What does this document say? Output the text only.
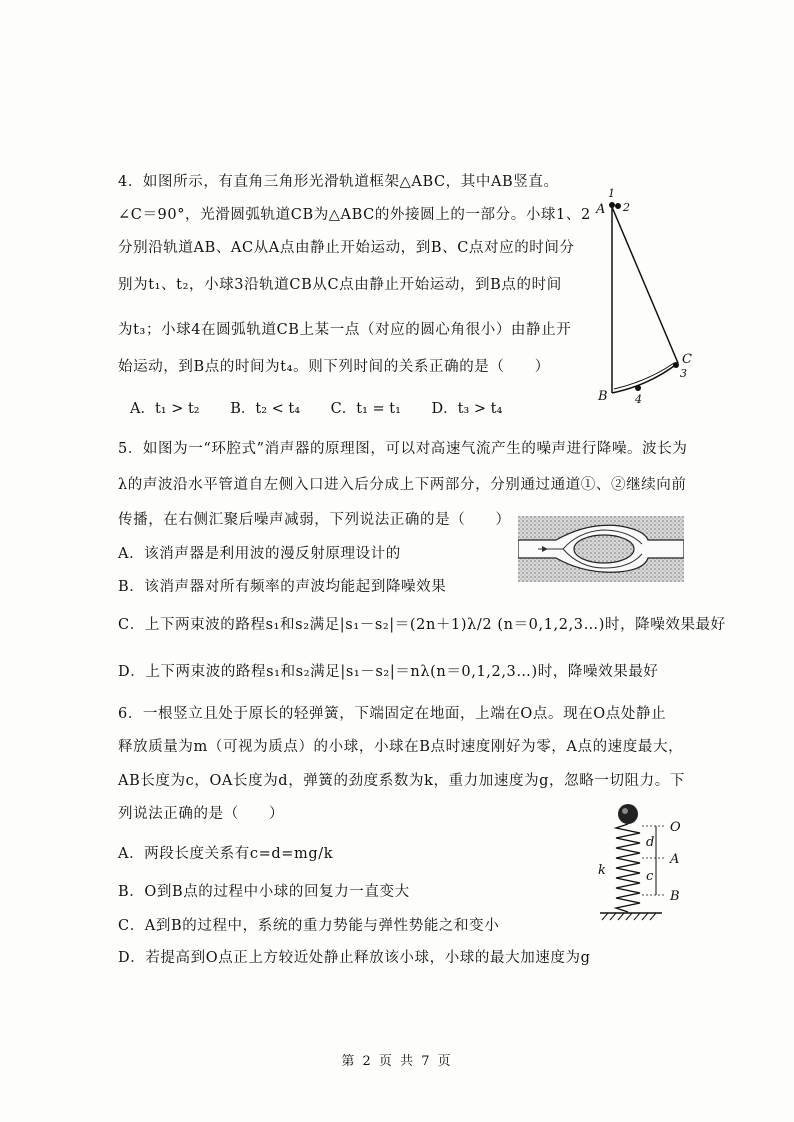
4．如图所示，有直角三角形光滑轨道框架△ABC，其中AB竖直。
∠C＝90°，光滑圆弧轨道CB为△ABC的外接圆上的一部分。小球1、2
分别沿轨道AB、AC从A点由静止开始运动，到B、C点对应的时间分
别为t₁、t₂，小球3沿轨道CB从C点由静止开始运动，到B点的时间
为t₃；小球4在圆弧轨道CB上某一点（对应的圆心角很小）由静止开
始运动，到B点的时间为t₄。则下列时间的关系正确的是（　　）
A．t₁ > t₂ B．t₂ < t₄ C．t₁ = t₁ D．t₃ > t₄
A
B
C
1
2
3
4
5．如图为一“环腔式”消声器的原理图，可以对高速气流产生的噪声进行降噪。波长为
λ的声波沿水平管道自左侧入口进入后分成上下两部分，分别通过通道①、②继续向前
传播，在右侧汇聚后噪声减弱，下列说法正确的是（　　）
A．该消声器是利用波的漫反射原理设计的
B．该消声器对所有频率的声波均能起到降噪效果
C．上下两束波的路程s₁和s₂满足|s₁－s₂|＝(2n＋1)λ/2 (n＝0,1,2,3…)时，降噪效果最好
D．上下两束波的路程s₁和s₂满足|s₁－s₂|＝nλ(n＝0,1,2,3…)时，降噪效果最好
6．一根竖立且处于原长的轻弹簧，下端固定在地面，上端在O点。现在O点处静止
释放质量为m（可视为质点）的小球，小球在B点时速度刚好为零，A点的速度最大，
AB长度为c，OA长度为d，弹簧的劲度系数为k，重力加速度为g，忽略一切阻力。下
列说法正确的是（　　）
A．两段长度关系有c=d=mg/k
B．O到B点的过程中小球的回复力一直变大
C．A到B的过程中，系统的重力势能与弹性势能之和变小
D．若提高到O点正上方较近处静止释放该小球，小球的最大加速度为g
O
A
B
d
c
k
第 2 页 共 7 页
